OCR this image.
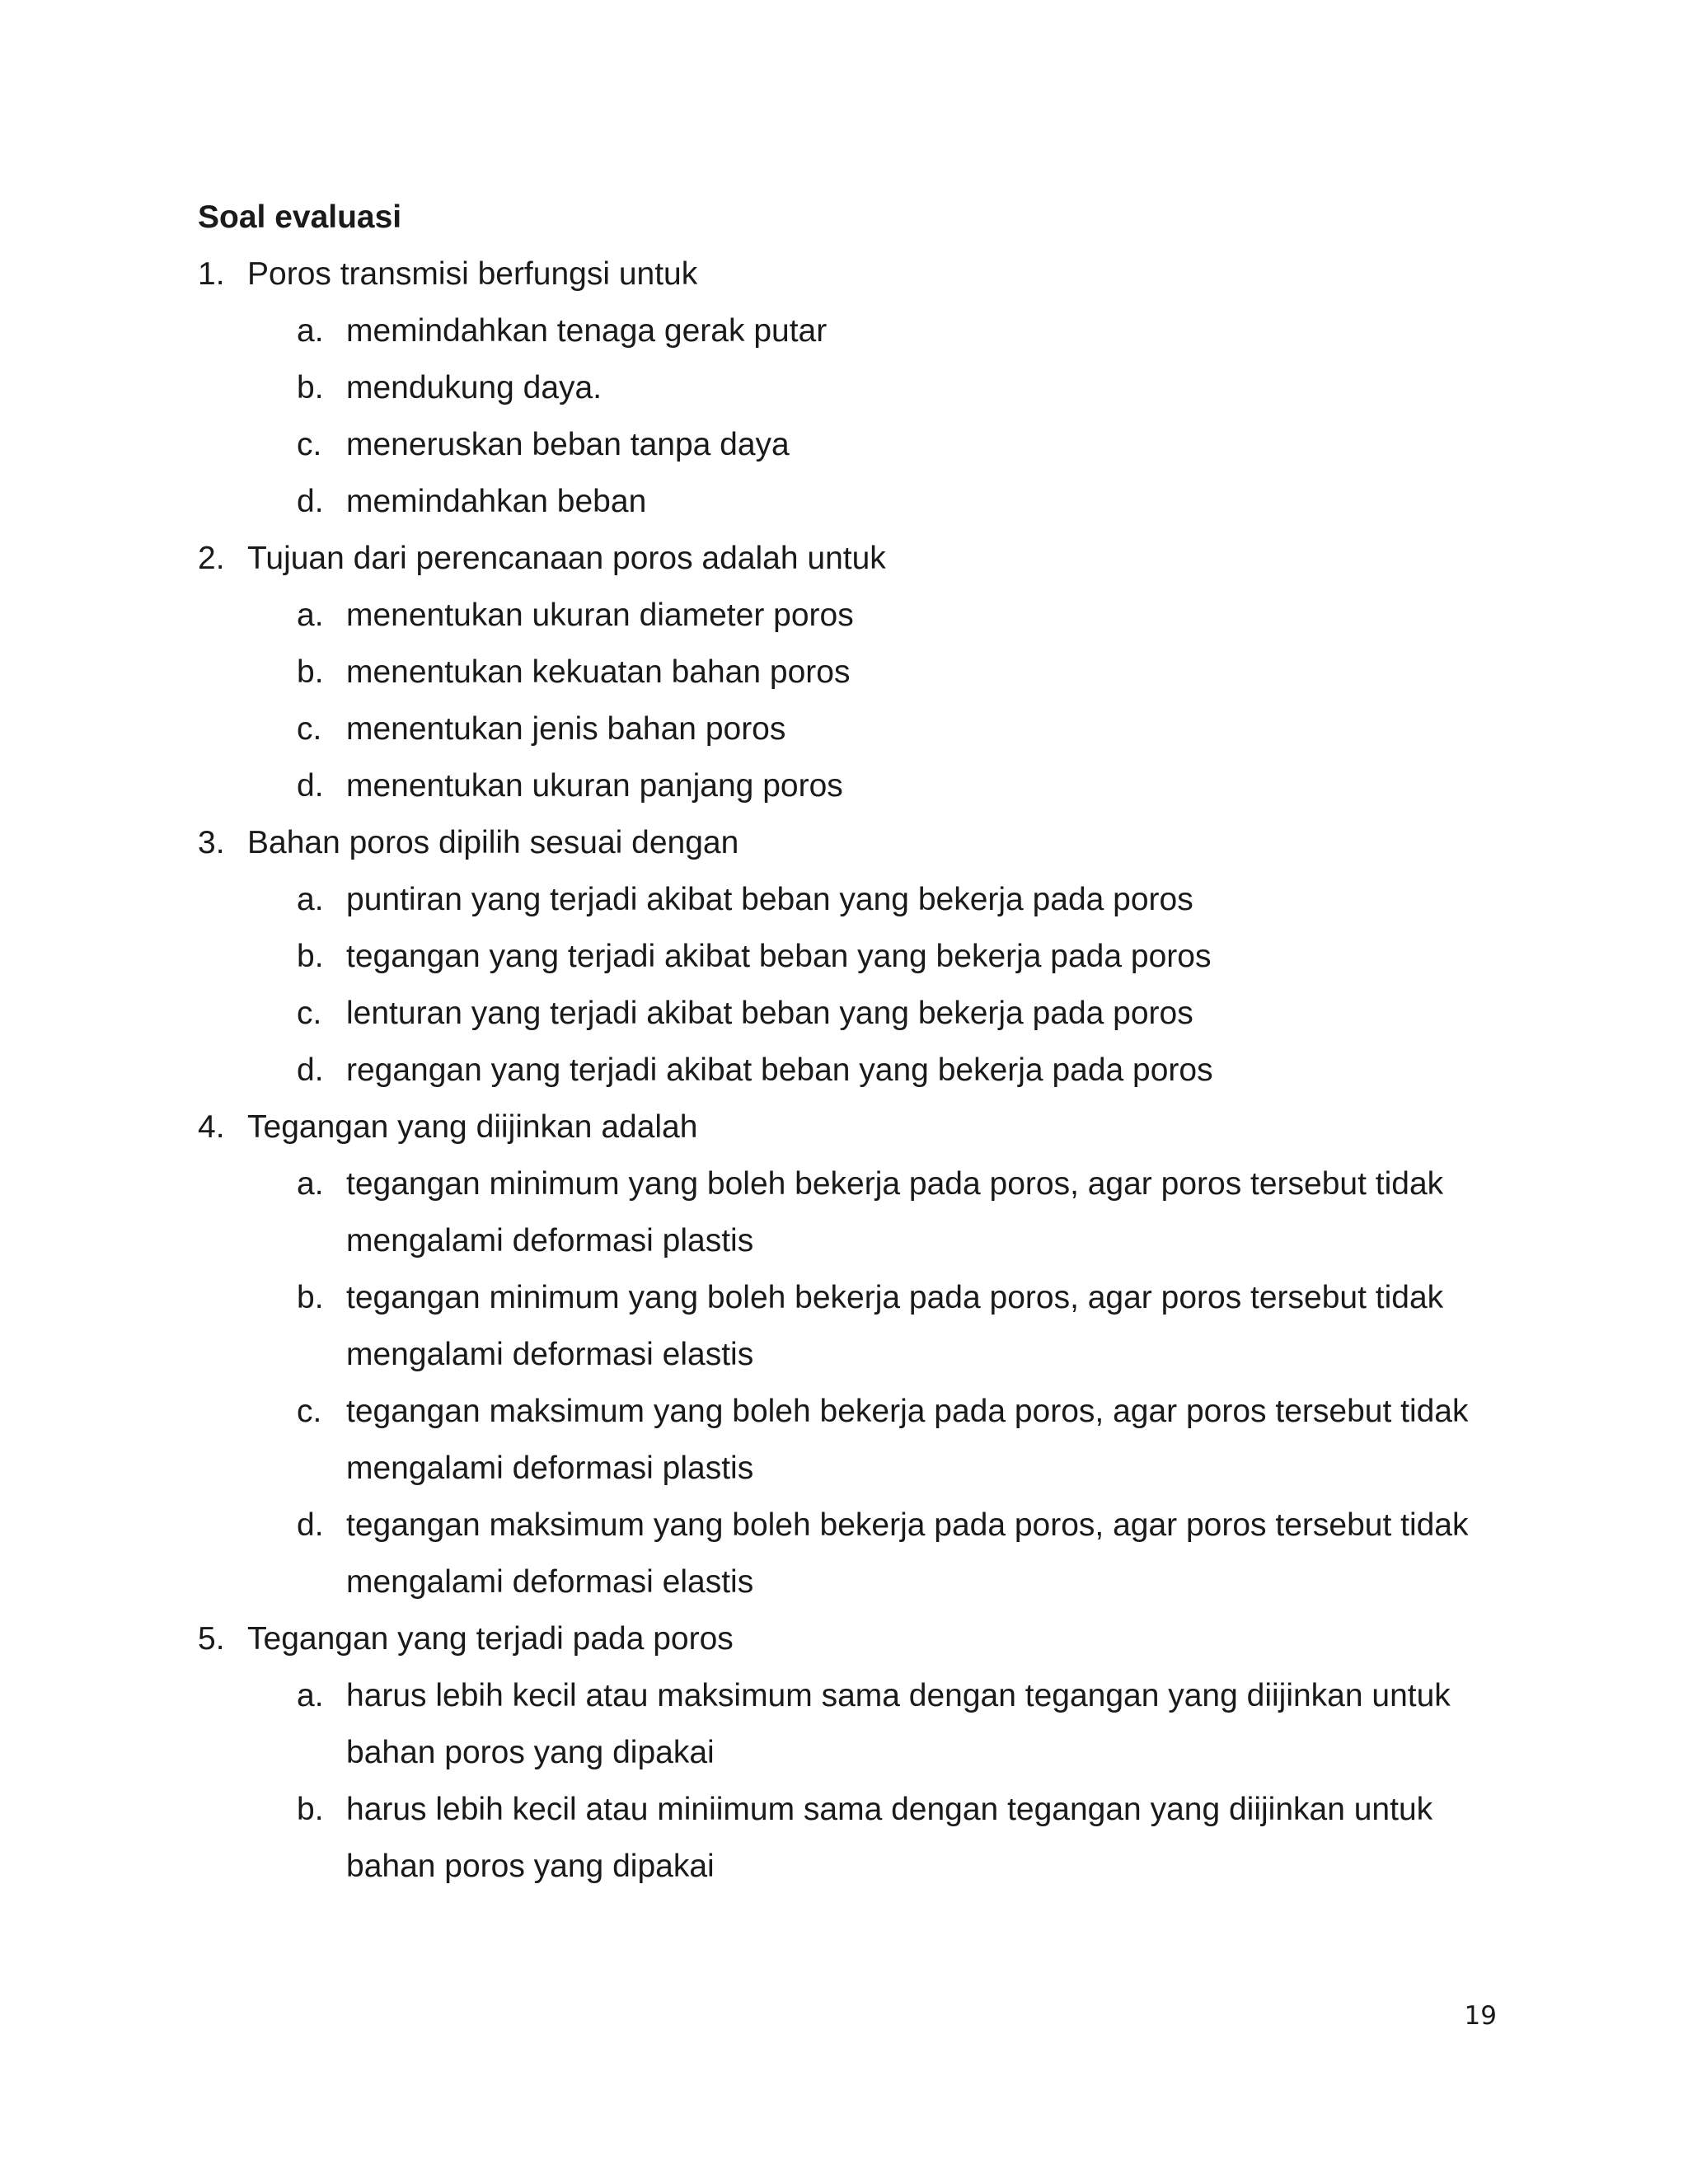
Soal evaluasi
1. Poros transmisi berfungsi untuk
a. memindahkan tenaga gerak putar
b. mendukung daya.
c. meneruskan beban tanpa daya
d. memindahkan beban
2. Tujuan dari perencanaan poros adalah untuk
a. menentukan ukuran diameter poros
b. menentukan kekuatan bahan poros
c. menentukan jenis bahan poros
d. menentukan ukuran panjang poros
3. Bahan poros dipilih sesuai dengan
a. puntiran yang terjadi akibat beban yang bekerja pada poros
b. tegangan yang terjadi akibat beban yang bekerja pada poros
c. lenturan yang terjadi akibat beban yang bekerja pada poros
d. regangan yang terjadi akibat beban yang bekerja pada poros
4. Tegangan yang diijinkan adalah
a. tegangan minimum yang boleh bekerja pada poros, agar poros tersebut tidak mengalami deformasi plastis
b. tegangan minimum yang boleh bekerja pada poros, agar poros tersebut tidak mengalami deformasi elastis
c. tegangan maksimum yang boleh bekerja pada poros, agar poros tersebut tidak mengalami deformasi plastis
d. tegangan maksimum yang boleh bekerja pada poros, agar poros tersebut tidak mengalami deformasi elastis
5. Tegangan yang terjadi pada poros
a. harus lebih kecil atau maksimum sama dengan tegangan yang diijinkan untuk bahan poros yang dipakai
b. harus lebih kecil atau miniimum sama dengan tegangan yang diijinkan untuk bahan poros yang dipakai
19
